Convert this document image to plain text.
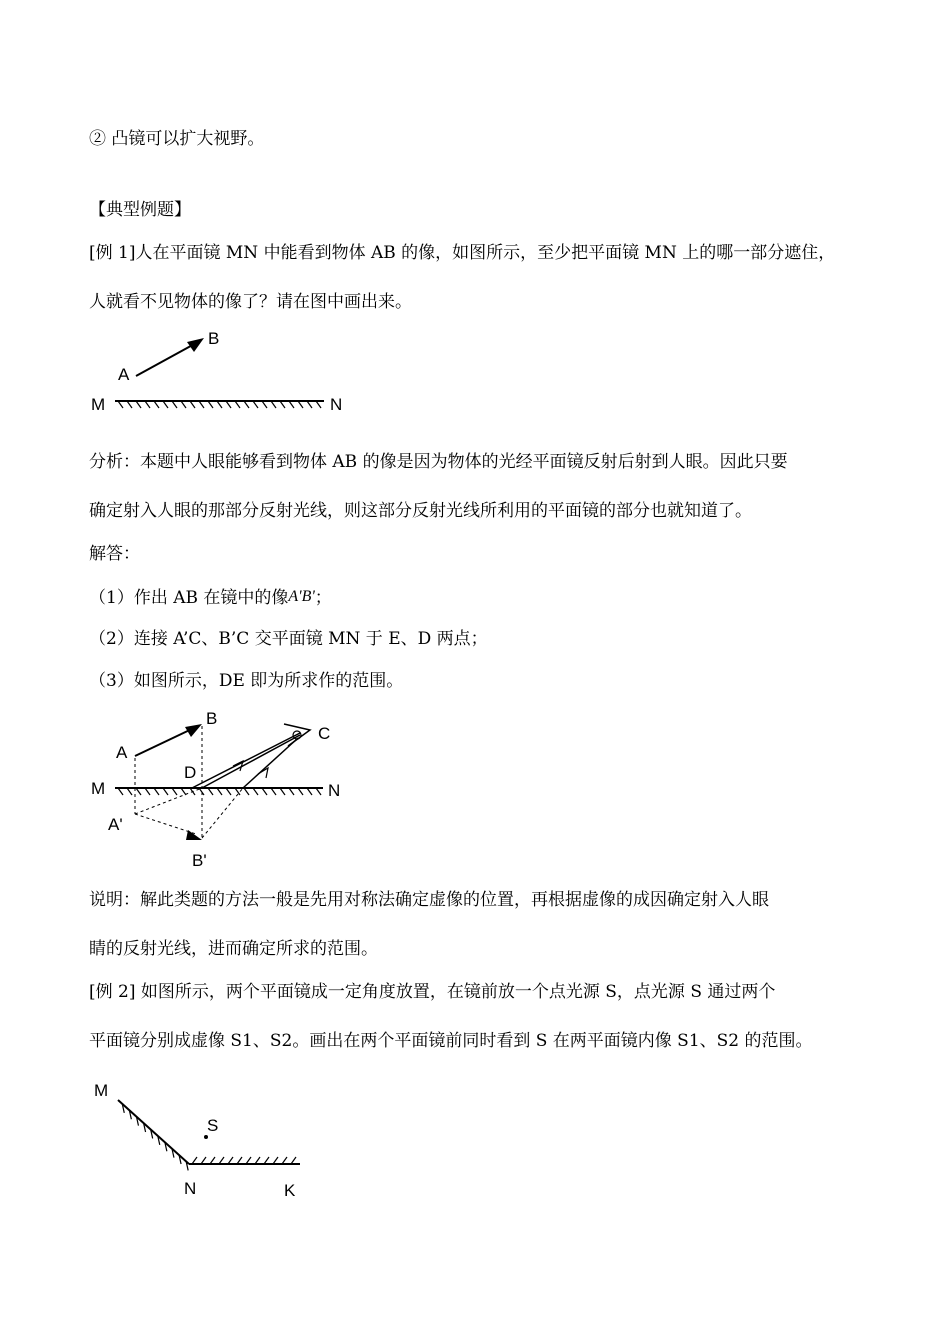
② 凸镜可以扩大视野。
【典型例题】
[例 1]人在平面镜 MN 中能看到物体 AB 的像，如图所示，至少把平面镜 MN 上的哪一部分遮住，
人就看不见物体的像了？请在图中画出来。
A
B
M	N
分析：本题中人眼能够看到物体 AB 的像是因为物体的光经平面镜反射后射到人眼。因此只要
确定射入人眼的那部分反射光线，则这部分反射光线所利用的平面镜的部分也就知道了。
解答：
（1）作出 AB 在镜中的像A'B'；
（2）连接 A’C、B’C 交平面镜 MN 于 E、D 两点；
（3）如图所示，DE 即为所求作的范围。
A
B
A'
B'
C
D
M	N
说明：解此类题的方法一般是先用对称法确定虚像的位置，再根据虚像的成因确定射入人眼
睛的反射光线，进而确定所求的范围。
[例 2] 如图所示，两个平面镜成一定角度放置，在镜前放一个点光源 S，点光源 S 通过两个
平面镜分别成虚像 S1、S2。画出在两个平面镜前同时看到 S 在两平面镜内像 S1、S2 的范围。
M
S
N	K
